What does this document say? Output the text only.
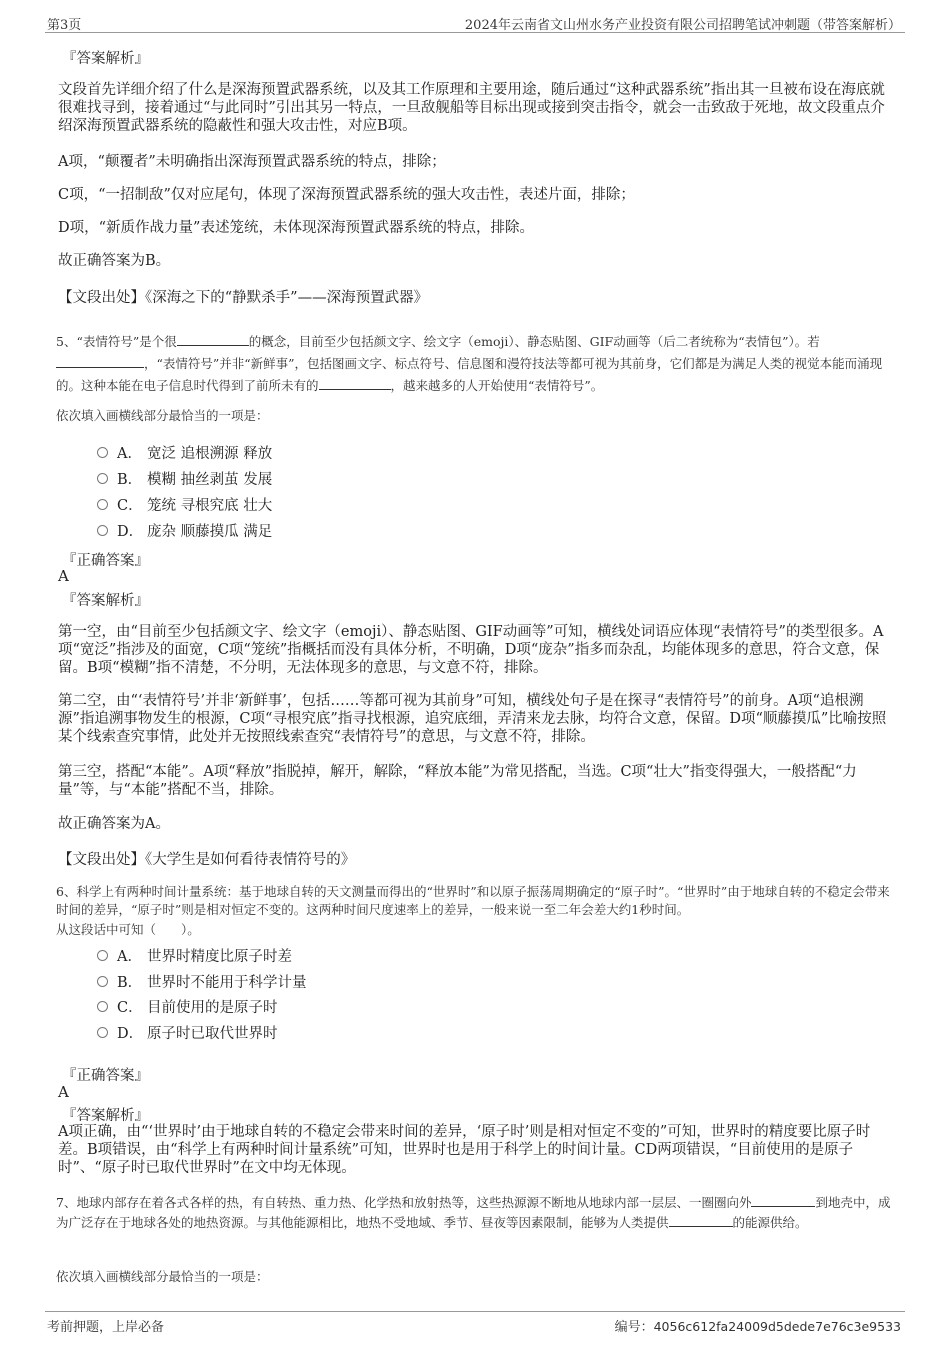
第3页	2024年云南省文山州水务产业投资有限公司招聘笔试冲刺题（带答案解析）
『答案解析』
文段首先详细介绍了什么是深海预置武器系统，以及其工作原理和主要用途，随后通过“这种武器系统”指出其一旦被布设在海底就很难找寻到，接着通过“与此同时”引出其另一特点，一旦敌舰船等目标出现或接到突击指令，就会一击致敌于死地，故文段重点介绍深海预置武器系统的隐蔽性和强大攻击性，对应B项。
A项，“颠覆者”未明确指出深海预置武器系统的特点，排除；
C项，“一招制敌”仅对应尾句，体现了深海预置武器系统的强大攻击性，表述片面，排除；
D项，“新质作战力量”表述笼统，未体现深海预置武器系统的特点，排除。
故正确答案为B。
【文段出处】《深海之下的“静默杀手”——深海预置武器》
5、“表情符号”是个很	的概念，目前至少包括颜文字、绘文字（emoji）、静态贴图、GIF动画等（后二者统称为“表情包”）。若
，“表情符号”并非“新鲜事”，包括图画文字、标点符号、信息图和漫符技法等都可视为其前身，它们都是为满足人类的视觉本能而涌现的。这种本能在电子信息时代得到了前所未有的	，越来越多的人开始使用“表情符号”。
依次填入画横线部分最恰当的一项是：
A． 宽泛 追根溯源 释放
B． 模糊 抽丝剥茧 发展
C． 笼统 寻根究底 壮大
D． 庞杂 顺藤摸瓜 满足
『正确答案』
A
『答案解析』
第一空，由“目前至少包括颜文字、绘文字（emoji）、静态贴图、GIF动画等”可知，横线处词语应体现“表情符号”的类型很多。A项“宽泛”指涉及的面宽，C项“笼统”指概括而没有具体分析，不明确，D项“庞杂”指多而杂乱，均能体现多的意思，符合文意，保留。B项“模糊”指不清楚，不分明，无法体现多的意思，与文意不符，排除。
第二空，由“‘表情符号’并非‘新鲜事’，包括……等都可视为其前身”可知，横线处句子是在探寻“表情符号”的前身。A项“追根溯源”指追溯事物发生的根源，C项“寻根究底”指寻找根源，追究底细，弄清来龙去脉，均符合文意，保留。D项“顺藤摸瓜”比喻按照某个线索查究事情，此处并无按照线索查究“表情符号”的意思，与文意不符，排除。
第三空，搭配“本能”。A项“释放”指脱掉，解开，解除，“释放本能”为常见搭配，当选。C项“壮大”指变得强大，一般搭配“力量”等，与“本能”搭配不当，排除。
故正确答案为A。
【文段出处】《大学生是如何看待表情符号的》
6、科学上有两种时间计量系统：基于地球自转的天文测量而得出的“世界时”和以原子振荡周期确定的“原子时”。“世界时”由于地球自转的不稳定会带来时间的差异，“原子时”则是相对恒定不变的。这两种时间尺度速率上的差异，一般来说一至二年会差大约1秒时间。
从这段话中可知（　　）。
A． 世界时精度比原子时差
B． 世界时不能用于科学计量
C． 目前使用的是原子时
D． 原子时已取代世界时
『正确答案』
A
『答案解析』
A项正确，由“‘世界时’由于地球自转的不稳定会带来时间的差异，‘原子时’则是相对恒定不变的”可知，世界时的精度要比原子时差。B项错误，由“科学上有两种时间计量系统”可知，世界时也是用于科学上的时间计量。CD两项错误，“目前使用的是原子时”、“原子时已取代世界时”在文中均无体现。
7、地球内部存在着各式各样的热，有自转热、重力热、化学热和放射热等，这些热源源不断地从地球内部一层层、一圈圈向外	到地壳中，成为广泛存在于地球各处的地热资源。与其他能源相比，地热不受地域、季节、昼夜等因素限制，能够为人类提供	的能源供给。
依次填入画横线部分最恰当的一项是：
考前押题，上岸必备	编号：4056c612fa24009d5dede7e76c3e9533
